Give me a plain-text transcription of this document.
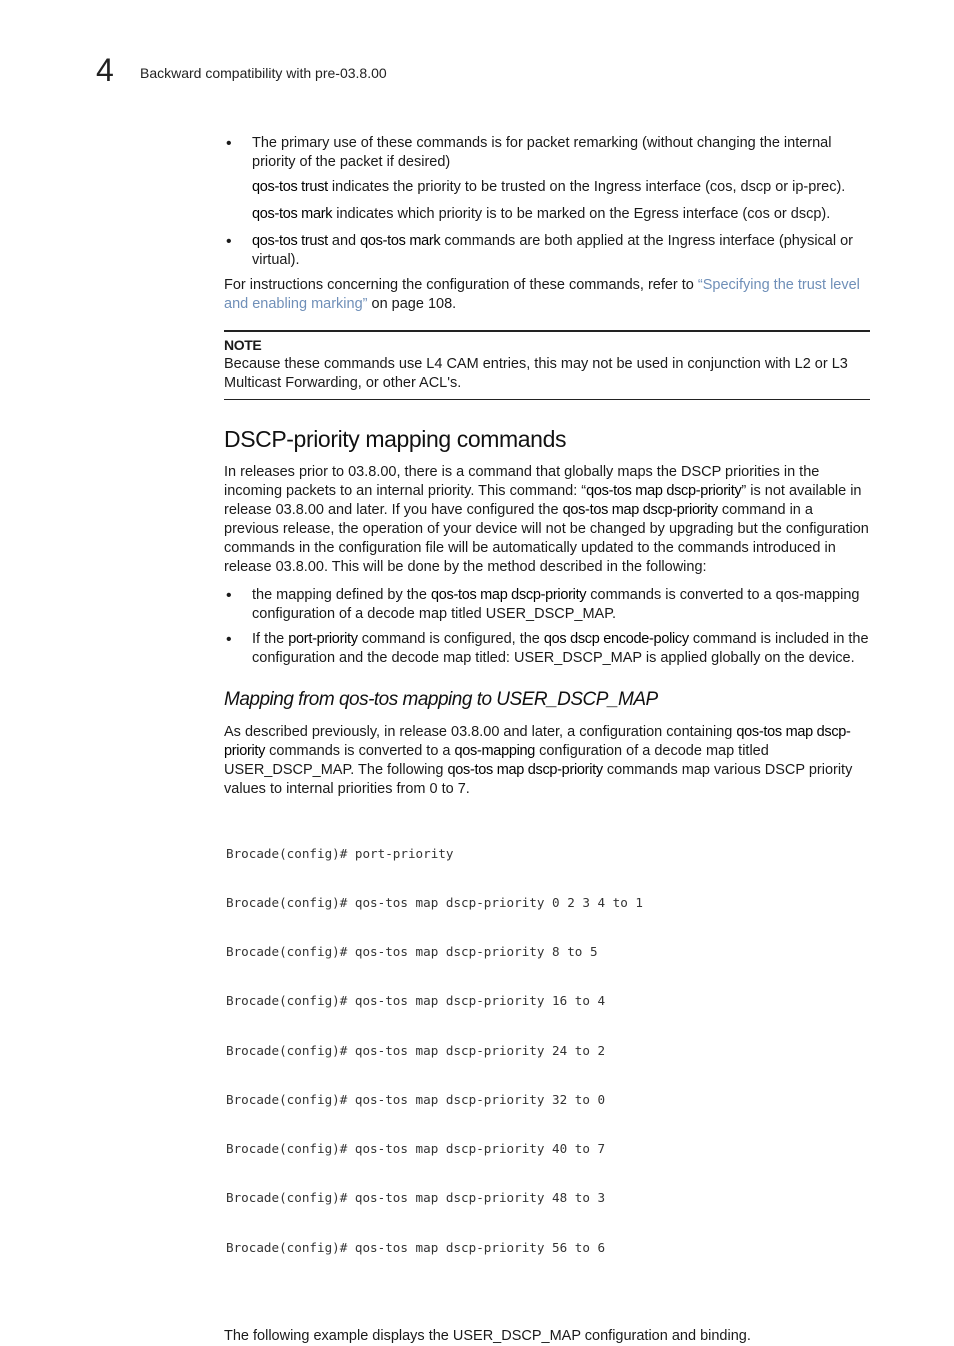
4 Backward compatibility with pre-03.8.00
• The primary use of these commands is for packet remarking (without changing the internal priority of the packet if desired)

qos-tos trust indicates the priority to be trusted on the Ingress interface (cos, dscp or ip-prec).

qos-tos mark indicates which priority is to be marked on the Egress interface (cos or dscp).

• qos-tos trust and qos-tos mark commands are both applied at the Ingress interface (physical or virtual).

For instructions concerning the configuration of these commands, refer to “Specifying the trust level and enabling marking” on page 108.

NOTE

Because these commands use L4 CAM entries, this may not be used in conjunction with L2 or L3 Multicast Forwarding, or other ACL's.

DSCP-priority mapping commands

In releases prior to 03.8.00, there is a command that globally maps the DSCP priorities in the incoming packets to an internal priority. This command: “qos-tos map dscp-priority” is not available in release 03.8.00 and later. If you have configured the qos-tos map dscp-priority command in a previous release, the operation of your device will not be changed by upgrading but the configuration commands in the configuration file will be automatically updated to the commands introduced in release 03.8.00. This will be done by the method described in the following:

• the mapping defined by the qos-tos map dscp-priority commands is converted to a qos-mapping configuration of a decode map titled USER_DSCP_MAP.
• If the port-priority command is configured, the qos dscp encode-policy command is included in the configuration and the decode map titled: USER_DSCP_MAP is applied globally on the device.
Mapping from qos-tos mapping to USER_DSCP_MAP

As described previously, in release 03.8.00 and later, a configuration containing qos-tos map dscp-priority commands is converted to a qos-mapping configuration of a decode map titled USER_DSCP_MAP. The following qos-tos map dscp-priority commands map various DSCP priority values to internal priorities from 0 to 7.

Brocade(config)# port-priority

Brocade(config)# qos-tos map dscp-priority 0 2 3 4 to 1

Brocade(config)# qos-tos map dscp-priority 8 to 5

Brocade(config)# qos-tos map dscp-priority 16 to 4

Brocade(config)# qos-tos map dscp-priority 24 to 2

Brocade(config)# qos-tos map dscp-priority 32 to 0

Brocade(config)# qos-tos map dscp-priority 40 to 7

Brocade(config)# qos-tos map dscp-priority 48 to 3

Brocade(config)# qos-tos map dscp-priority 56 to 6

The following example displays the USER_DSCP_MAP configuration and binding.
